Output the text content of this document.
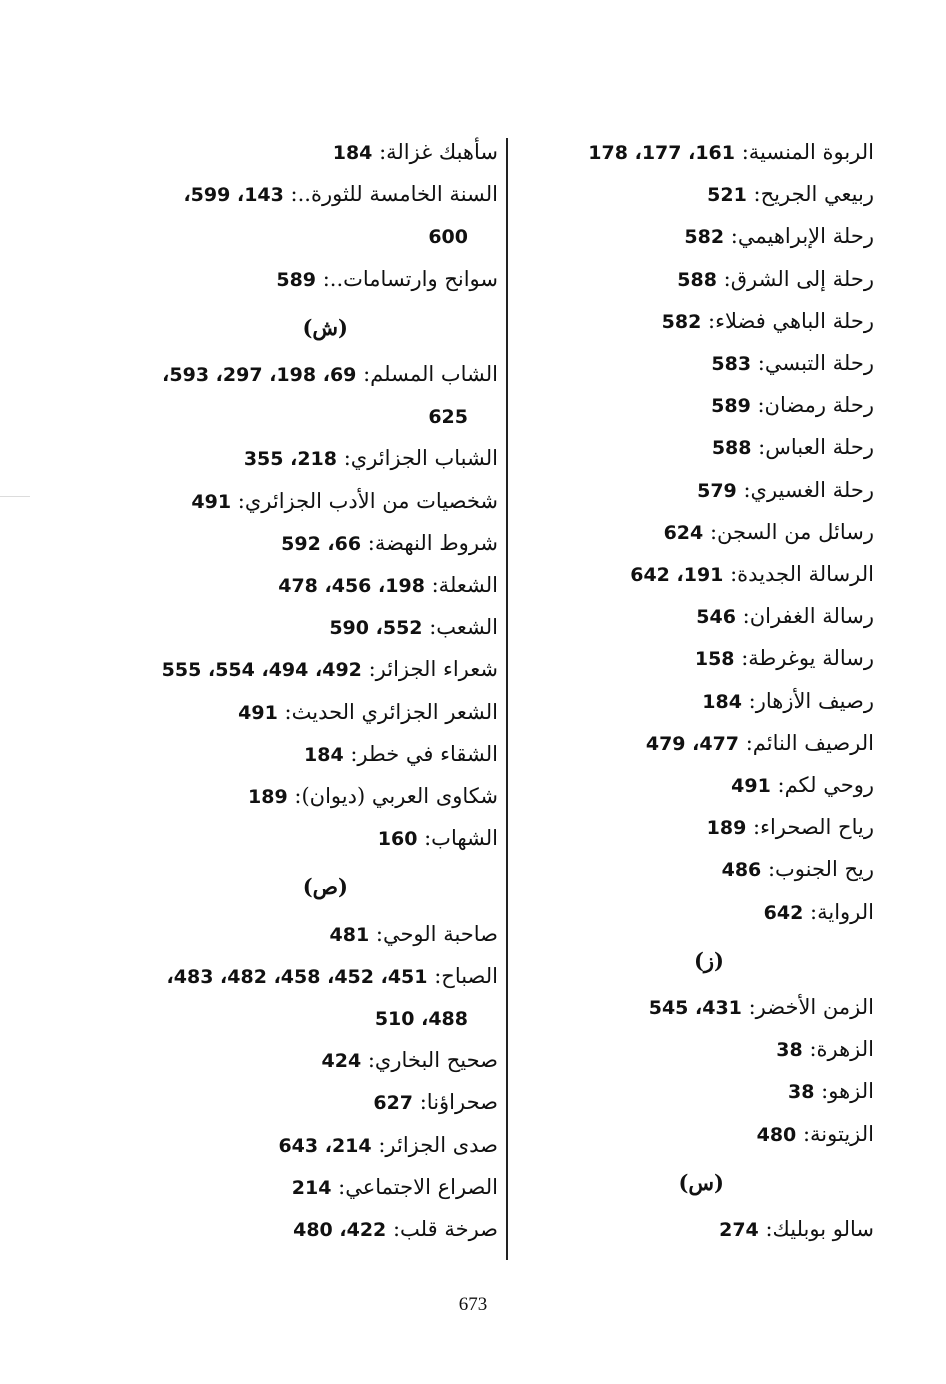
الربوة المنسية: 161، 177، 178
ربيعي الجريح: 521
رحلة الإبراهيمي: 582
رحلة إلى الشرق: 588
رحلة الباهي فضلاء: 582
رحلة التبسي: 583
رحلة رمضان: 589
رحلة العباس: 588
رحلة الغسيري: 579
رسائل من السجن: 624
الرسالة الجديدة: 191، 642
رسالة الغفران: 546
رسالة يوغرطة: 158
رصيف الأزهار: 184
الرصيف النائم: 477، 479
روحي لكم: 491
رياح الصحراء: 189
ريح الجنوب: 486
الرواية: 642
(ز)
الزمن الأخضر: 431، 545
الزهرة: 38
الزهو: 38
الزيتونة: 480
(س)
سالو بوبليك: 274
سأهبك غزالة: 184
السنة الخامسة للثورة..: 143، 599،
600
سوانح وارتسامات..: 589
(ش)
الشاب المسلم: 69، 198، 297، 593،
625
الشباب الجزائري: 218، 355
شخصيات من الأدب الجزائري: 491
شروط النهضة: 66، 592
الشعلة: 198، 456، 478
الشعب: 552، 590
شعراء الجزائر: 492، 494، 554، 555
الشعر الجزائري الحديث: 491
الشقاء في خطر: 184
شكاوى العربي (ديوان): 189
الشهاب: 160
(ص)
صاحبة الوحي: 481
الصباح: 451، 452، 458، 482، 483،
488، 510
صحيح البخاري: 424
صحراؤنا: 627
صدى الجزائر: 214، 643
الصراع الاجتماعي: 214
صرخة قلب: 422، 480
673
